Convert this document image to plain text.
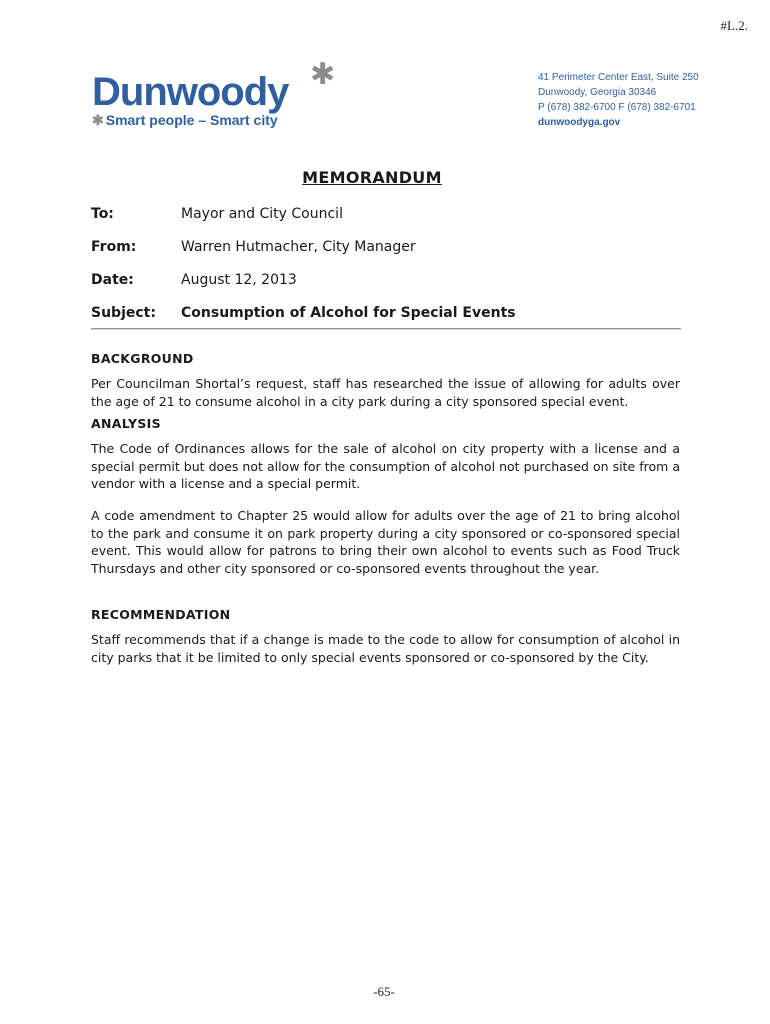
#L.2.
Dunwoody ✱
✱ Smart people – Smart city
41 Perimeter Center East, Suite 250
Dunwoody, Georgia 30346
P (678) 382-6700 F (678) 382-6701
dunwoodyga.gov
MEMORANDUM
To:	Mayor and City Council
From:	Warren Hutmacher, City Manager
Date:	August 12, 2013
Subject: Consumption of Alcohol for Special Events
BACKGROUND
Per Councilman Shortal’s request, staff has researched the issue of allowing for adults over the age of 21 to consume alcohol in a city park during a city sponsored special event.
ANALYSIS
The Code of Ordinances allows for the sale of alcohol on city property with a license and a special permit but does not allow for the consumption of alcohol not purchased on site from a vendor with a license and a special permit.
A code amendment to Chapter 25 would allow for adults over the age of 21 to bring alcohol to the park and consume it on park property during a city sponsored or co-sponsored special event. This would allow for patrons to bring their own alcohol to events such as Food Truck Thursdays and other city sponsored or co-sponsored events throughout the year.
RECOMMENDATION
Staff recommends that if a change is made to the code to allow for consumption of alcohol in city parks that it be limited to only special events sponsored or co-sponsored by the City.
-65-
